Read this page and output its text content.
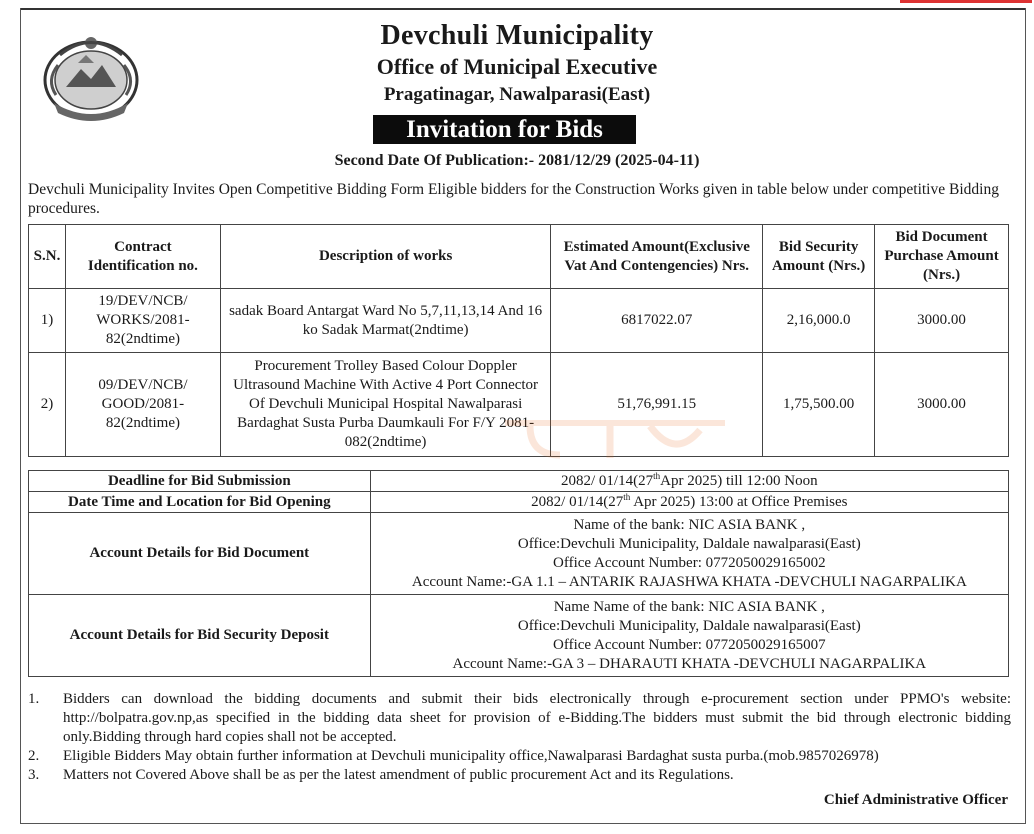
Devchuli Municipality
Office of Municipal Executive
Pragatinagar, Nawalparasi(East)
Invitation for Bids
Second Date Of Publication:- 2081/12/29 (2025-04-11)
Devchuli Municipality Invites Open Competitive Bidding Form Eligible bidders for the Construction Works given in table below under competitive Bidding procedures.
S.N.	Contract Identification no.	Description of works	Estimated Amount(Exclusive Vat And Contengencies) Nrs.	Bid Security Amount (Nrs.)	Bid Document Purchase Amount (Nrs.)
1)	19/DEV/NCB/ WORKS/2081- 82(2ndtime)	sadak Board Antargat Ward No 5,7,11,13,14 And 16 ko Sadak Marmat(2ndtime)	6817022.07	2,16,000.0	3000.00
2)	09/DEV/NCB/ GOOD/2081- 82(2ndtime)	Procurement Trolley Based Colour Doppler Ultrasound Machine With Active 4 Port Connector Of Devchuli Municipal Hospital Nawalparasi Bardaghat Susta Purba Daumkauli For F/Y 2081-082(2ndtime)	51,76,991.15	1,75,500.00	3000.00
Deadline for Bid Submission	2082/ 01/14(27thApr 2025) till 12:00 Noon
Date Time and Location for Bid Opening	2082/ 01/14(27th Apr 2025) 13:00 at Office Premises
Account Details for Bid Document	Name of the bank: NIC ASIA BANK ,
Office:Devchuli Municipality, Daldale nawalparasi(East)
Office Account Number: 0772050029165002
Account Name:-GA 1.1 – ANTARIK RAJASHWA KHATA -DEVCHULI NAGARPALIKA

Account Details for Bid Security Deposit	Name Name of the bank: NIC ASIA BANK ,
Office:Devchuli Municipality, Daldale nawalparasi(East)
Office Account Number: 0772050029165007
Account Name:-GA 3 – DHARAUTI KHATA -DEVCHULI NAGARPALIKA
1.	Bidders can download the bidding documents and submit their bids electronically through e-procurement section under PPMO's website: http://bolpatra.gov.np,as specified in the bidding data sheet for provision of e-Bidding.The bidders must submit the bid through electronic bidding only.Bidding through hard copies shall not be accepted.
2.	Eligible Bidders May obtain further information at Devchuli municipality office,Nawalparasi Bardaghat susta purba.(mob.9857026978)
3.	Matters not Covered Above shall be as per the latest amendment of public procurement Act and its Regulations.
Chief Administrative Officer
